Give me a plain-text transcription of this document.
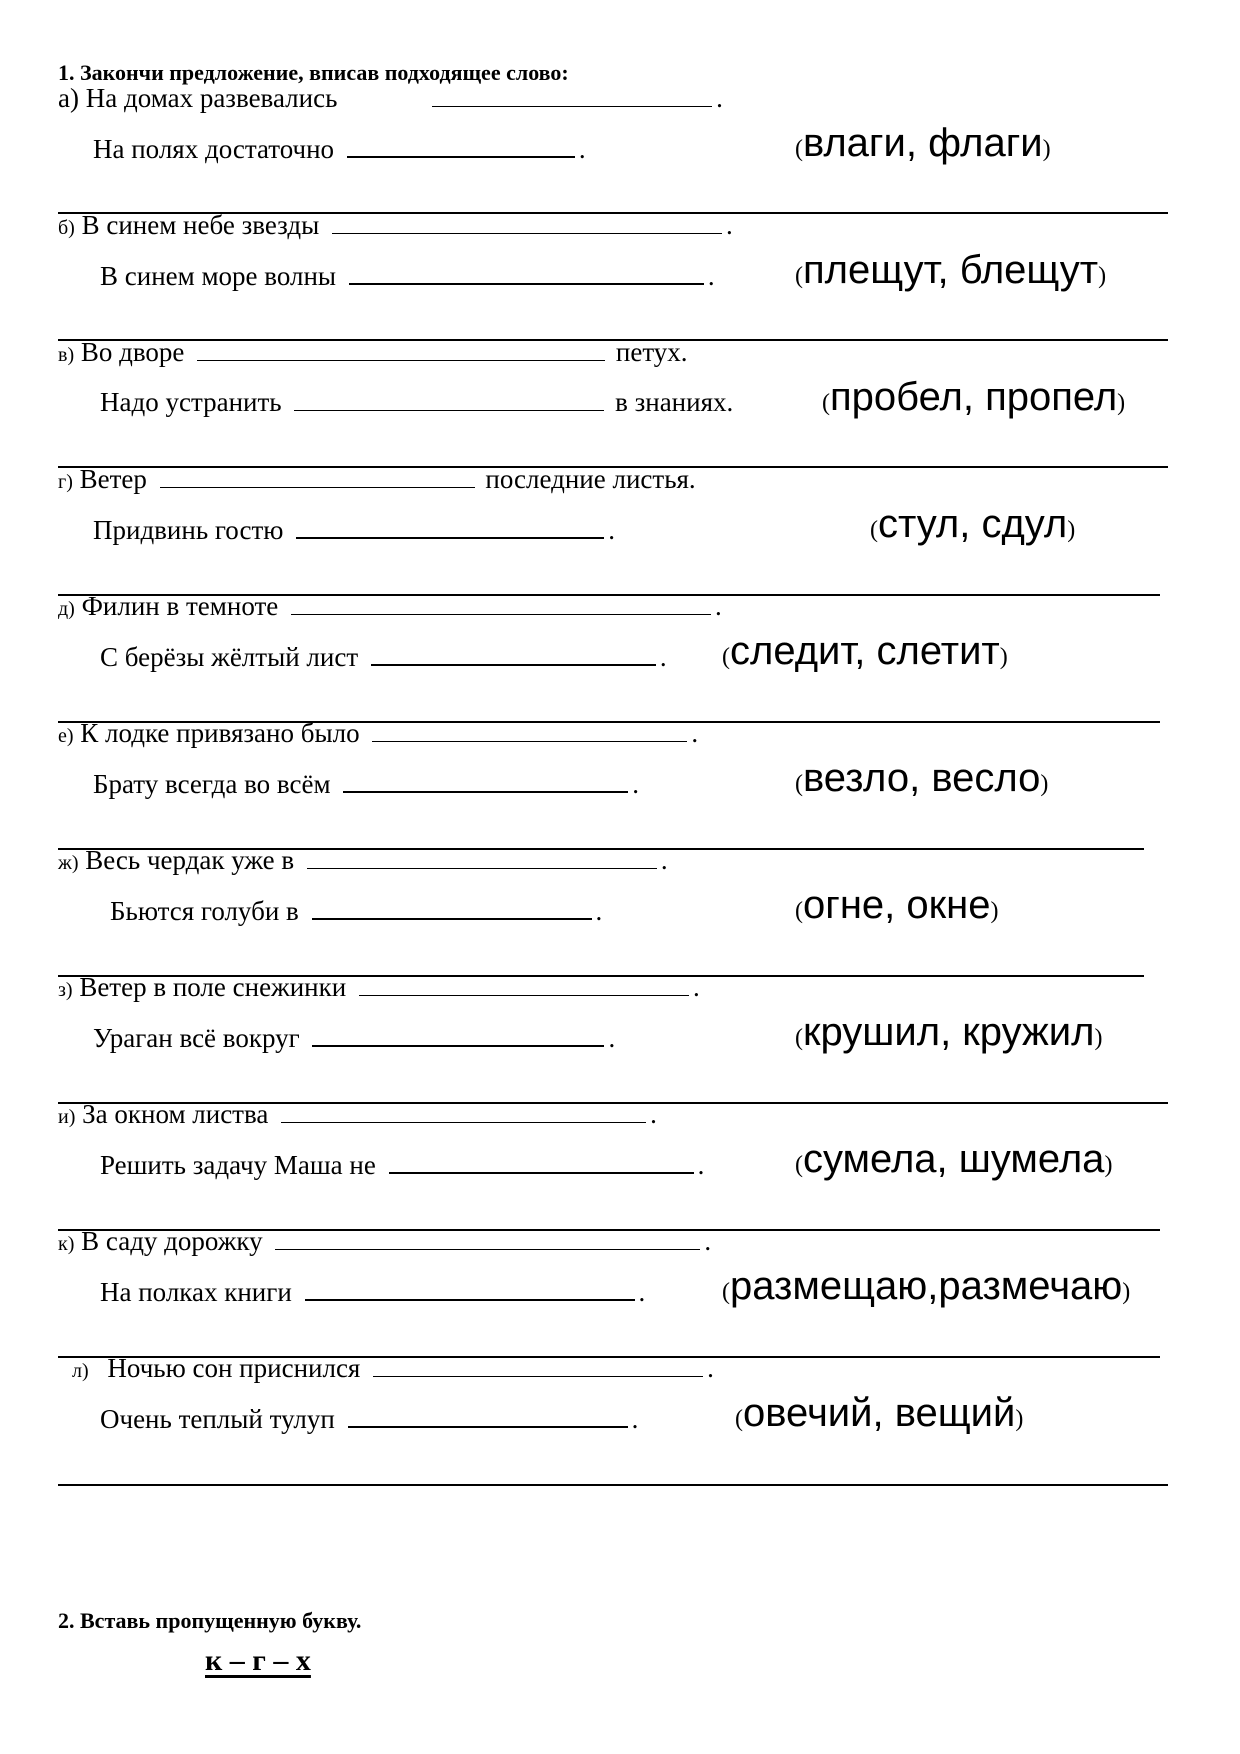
1. Закончи предложение, вписав подходящее слово:
а) На домах развевались	.
На полях достаточно	.	(влаги, флаги)
б) В синем небе звезды	.
В синем море волны	.	(плещут, блещут)
в) Во дворе	петух.
Надо устранить	в знаниях.	(пробел, пропел)
г) Ветер	последние листья.
Придвинь гостю	.	(стул, сдул)
д) Филин в темноте	.
С берёзы жёлтый лист	. (следит, слетит)
е) К лодке привязано было	.
Брату всегда во всём	.	(везло, весло)
ж) Весь чердак уже в	.
Бьются голуби в	.	(огне, окне)
з) Ветер в поле снежинки	.
Ураган всё вокруг	.	(крушил, кружил)
и) За окном листва	.
Решить задачу Маша не	.	(сумела, шумела)
к) В саду дорожку	.
На полках книги	.	(размещаю,размечаю)
л) Ночью сон приснился	.
Очень теплый тулуп	.	(овечий, вещий)
2. Вставь пропущенную букву.
к – г – х
